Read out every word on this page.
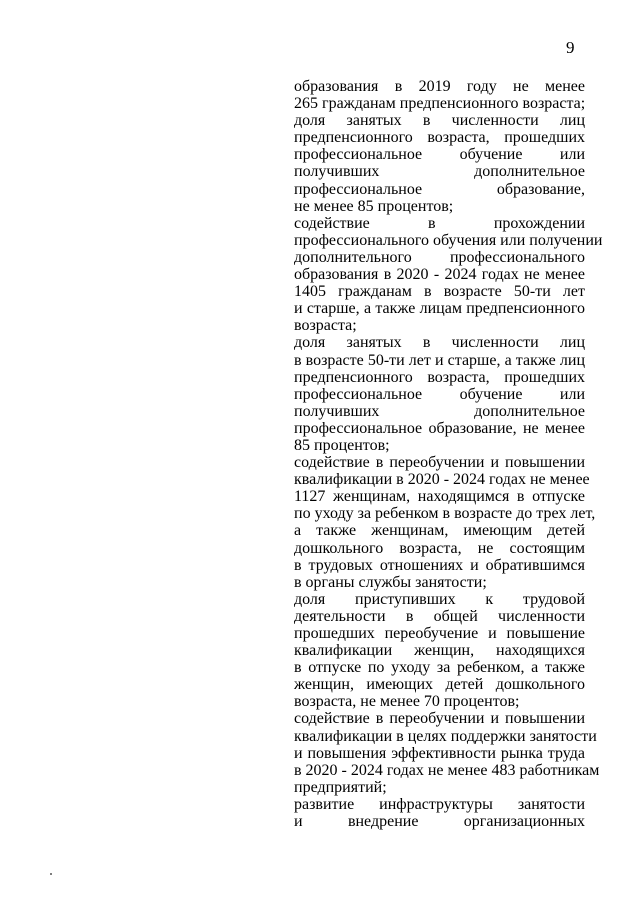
9
образования в 2019 году не менее
265 гражданам предпенсионного возраста;
доля занятых в численности лиц
предпенсионного возраста, прошедших
профессиональное обучение или
получивших дополнительное
профессиональное образование,
не менее 85 процентов;
содействие в прохождении
профессионального обучения или получении
дополнительного профессионального
образования в 2020 - 2024 годах не менее
1405 гражданам в возрасте 50-ти лет
и старше, а также лицам предпенсионного
возраста;
доля занятых в численности лиц
в возрасте 50-ти лет и старше, а также лиц
предпенсионного возраста, прошедших
профессиональное обучение или
получивших дополнительное
профессиональное образование, не менее
85 процентов;
содействие в переобучении и повышении
квалификации в 2020 - 2024 годах не менее
1127 женщинам, находящимся в отпуске
по уходу за ребенком в возрасте до трех лет,
а также женщинам, имеющим детей
дошкольного возраста, не состоящим
в трудовых отношениях и обратившимся
в органы службы занятости;
доля приступивших к трудовой
деятельности в общей численности
прошедших переобучение и повышение
квалификации женщин, находящихся
в отпуске по уходу за ребенком, а также
женщин, имеющих детей дошкольного
возраста, не менее 70 процентов;
содействие в переобучении и повышении
квалификации в целях поддержки занятости
и повышения эффективности рынка труда
в 2020 - 2024 годах не менее 483 работникам
предприятий;
развитие инфраструктуры занятости
и внедрение организационных
